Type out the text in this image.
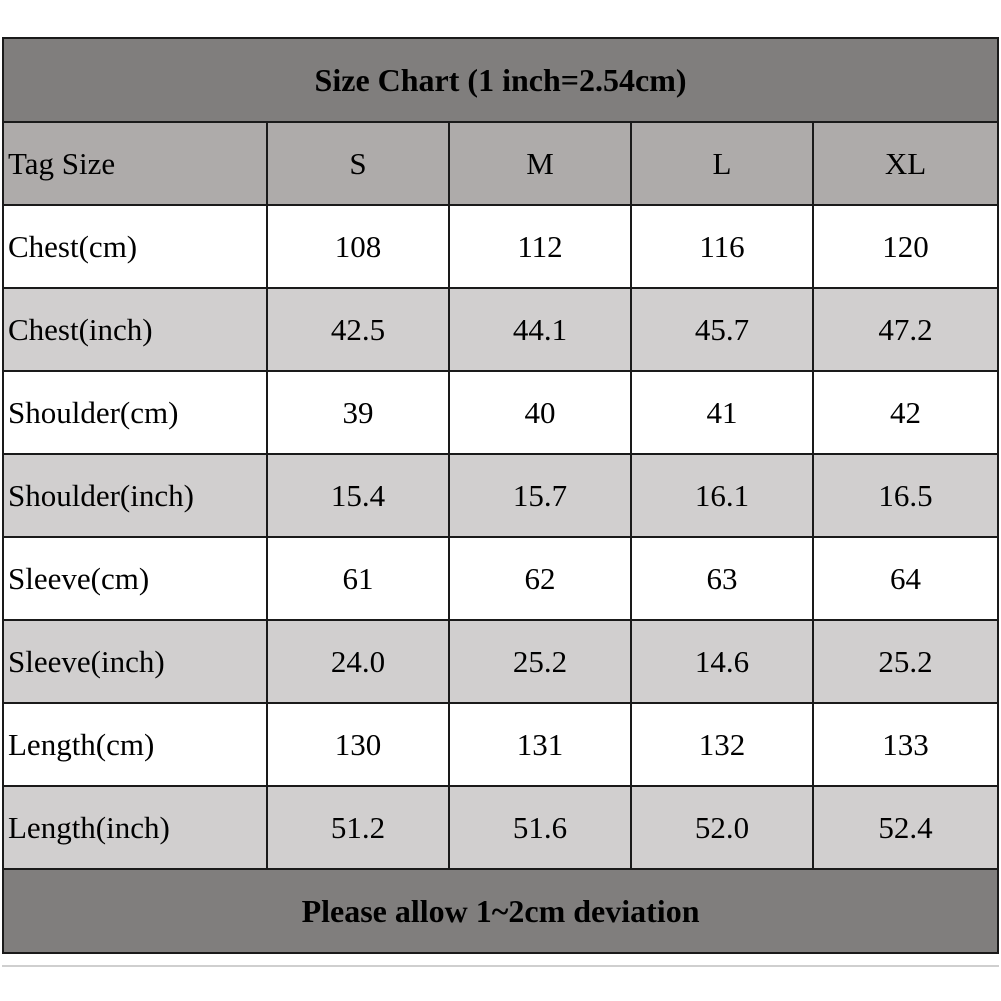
Size Chart (1 inch=2.54cm)				
Tag Size	S	M	L	XL
Chest(cm)	108	112	116	120
Chest(inch)	42.5	44.1	45.7	47.2
Shoulder(cm)	39	40	41	42
Shoulder(inch)	15.4	15.7	16.1	16.5
Sleeve(cm)	61	62	63	64
Sleeve(inch)	24.0	25.2	14.6	25.2
Length(cm)	130	131	132	133
Length(inch)	51.2	51.6	52.0	52.4
Please allow 1~2cm deviation				
